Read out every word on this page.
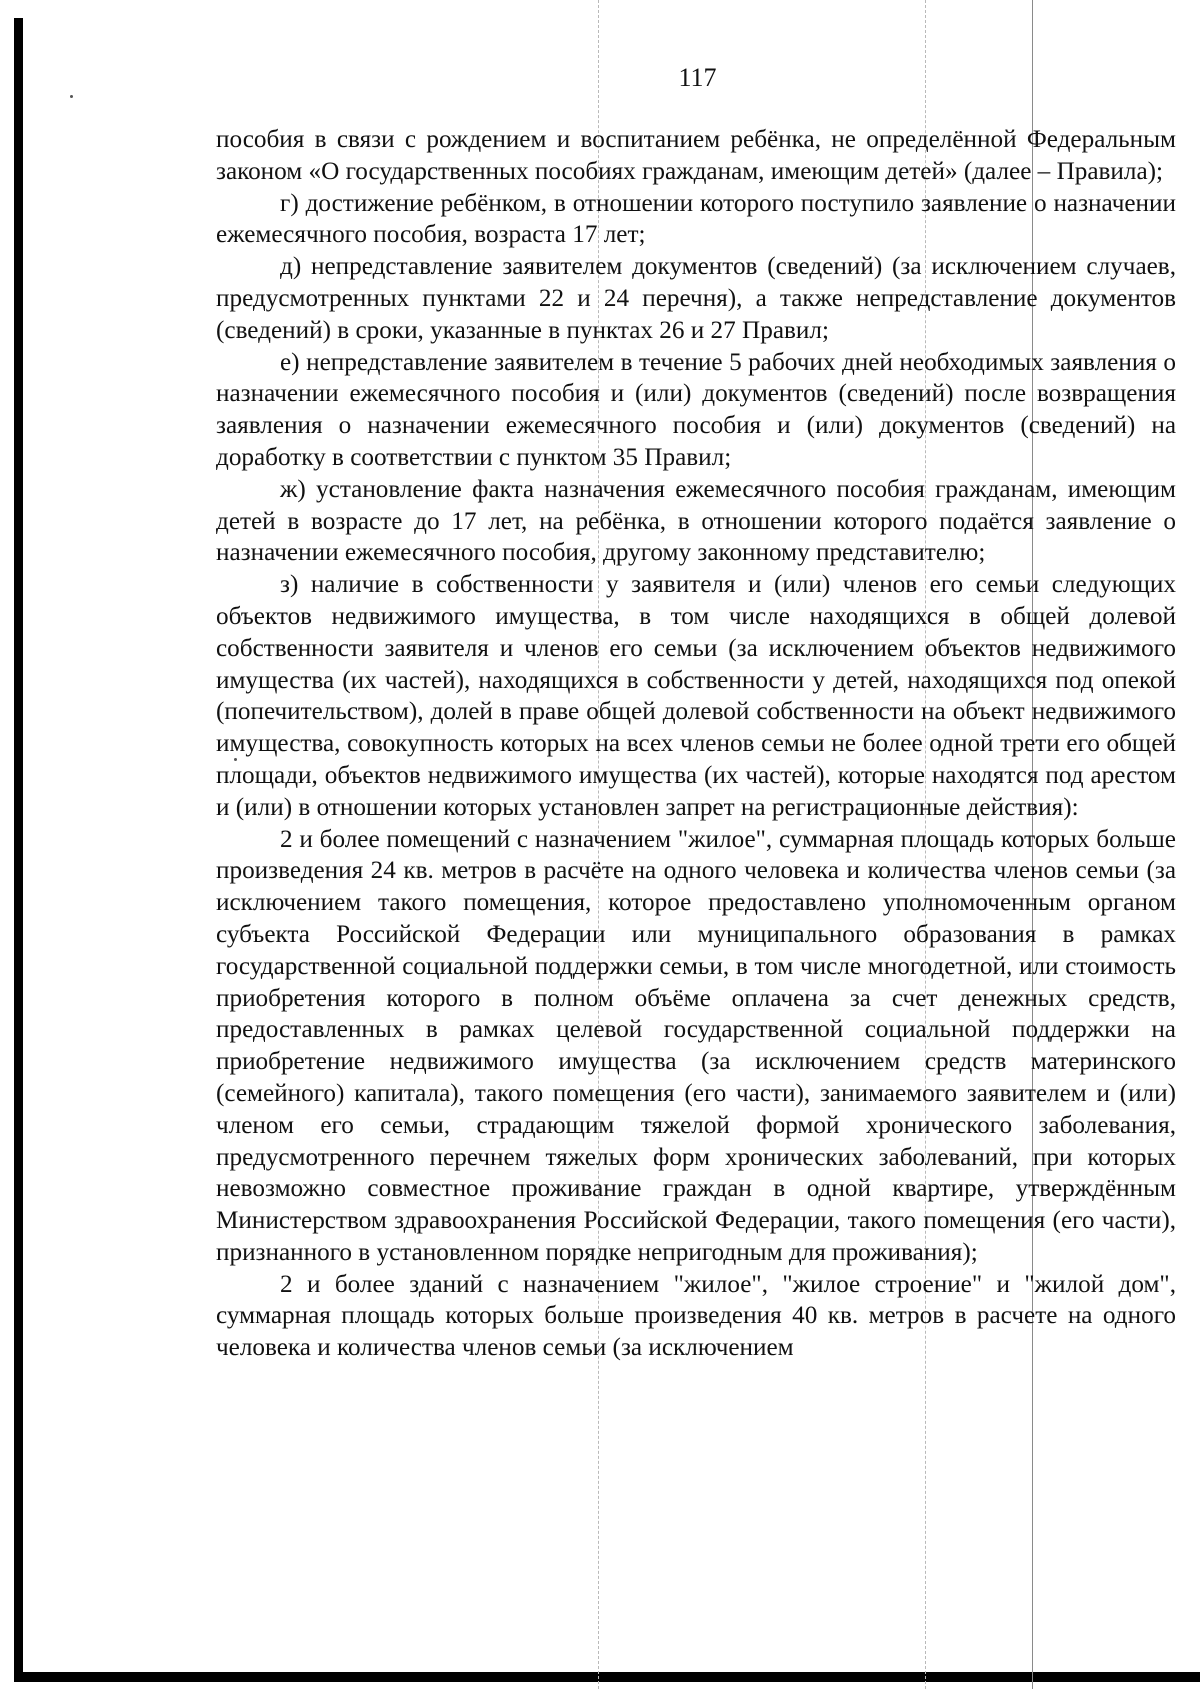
117

пособия в связи с рождением и воспитанием ребёнка, не определённой Федеральным законом «О государственных пособиях гражданам, имеющим детей» (далее – Правила);

г) достижение ребёнком, в отношении которого поступило заявление о назначении ежемесячного пособия, возраста 17 лет;

д) непредставление заявителем документов (сведений) (за исключением случаев, предусмотренных пунктами 22 и 24 перечня), а также непредставление документов (сведений) в сроки, указанные в пунктах 26 и 27 Правил;

е) непредставление заявителем в течение 5 рабочих дней необходимых заявления о назначении ежемесячного пособия и (или) документов (сведений) после возвращения заявления о назначении ежемесячного пособия и (или) документов (сведений) на доработку в соответствии с пунктом 35 Правил;

ж) установление факта назначения ежемесячного пособия гражданам, имеющим детей в возрасте до 17 лет, на ребёнка, в отношении которого подаётся заявление о назначении ежемесячного пособия, другому законному представителю;

з) наличие в собственности у заявителя и (или) членов его семьи следующих объектов недвижимого имущества, в том числе находящихся в общей долевой собственности заявителя и членов его семьи (за исключением объектов недвижимого имущества (их частей), находящихся в собственности у детей, находящихся под опекой (попечительством), долей в праве общей долевой собственности на объект недвижимого имущества, совокупность которых на всех членов семьи не более одной трети его общей площади, объектов недвижимого имущества (их частей), которые находятся под арестом и (или) в отношении которых установлен запрет на регистрационные действия):

2 и более помещений с назначением "жилое", суммарная площадь которых больше произведения 24 кв. метров в расчёте на одного человека и количества членов семьи (за исключением такого помещения, которое предоставлено уполномоченным органом субъекта Российской Федерации или муниципального образования в рамках государственной социальной поддержки семьи, в том числе многодетной, или стоимость приобретения которого в полном объёме оплачена за счет денежных средств, предоставленных в рамках целевой государственной социальной поддержки на приобретение недвижимого имущества (за исключением средств материнского (семейного) капитала), такого помещения (его части), занимаемого заявителем и (или) членом его семьи, страдающим тяжелой формой хронического заболевания, предусмотренного перечнем тяжелых форм хронических заболеваний, при которых невозможно совместное проживание граждан в одной квартире, утверждённым Министерством здравоохранения Российской Федерации, такого помещения (его части), признанного в установленном порядке непригодным для проживания);

2 и более зданий с назначением "жилое", "жилое строение" и "жилой дом", суммарная площадь которых больше произведения 40 кв. метров в расчете на одного человека и количества членов семьи (за исключением
